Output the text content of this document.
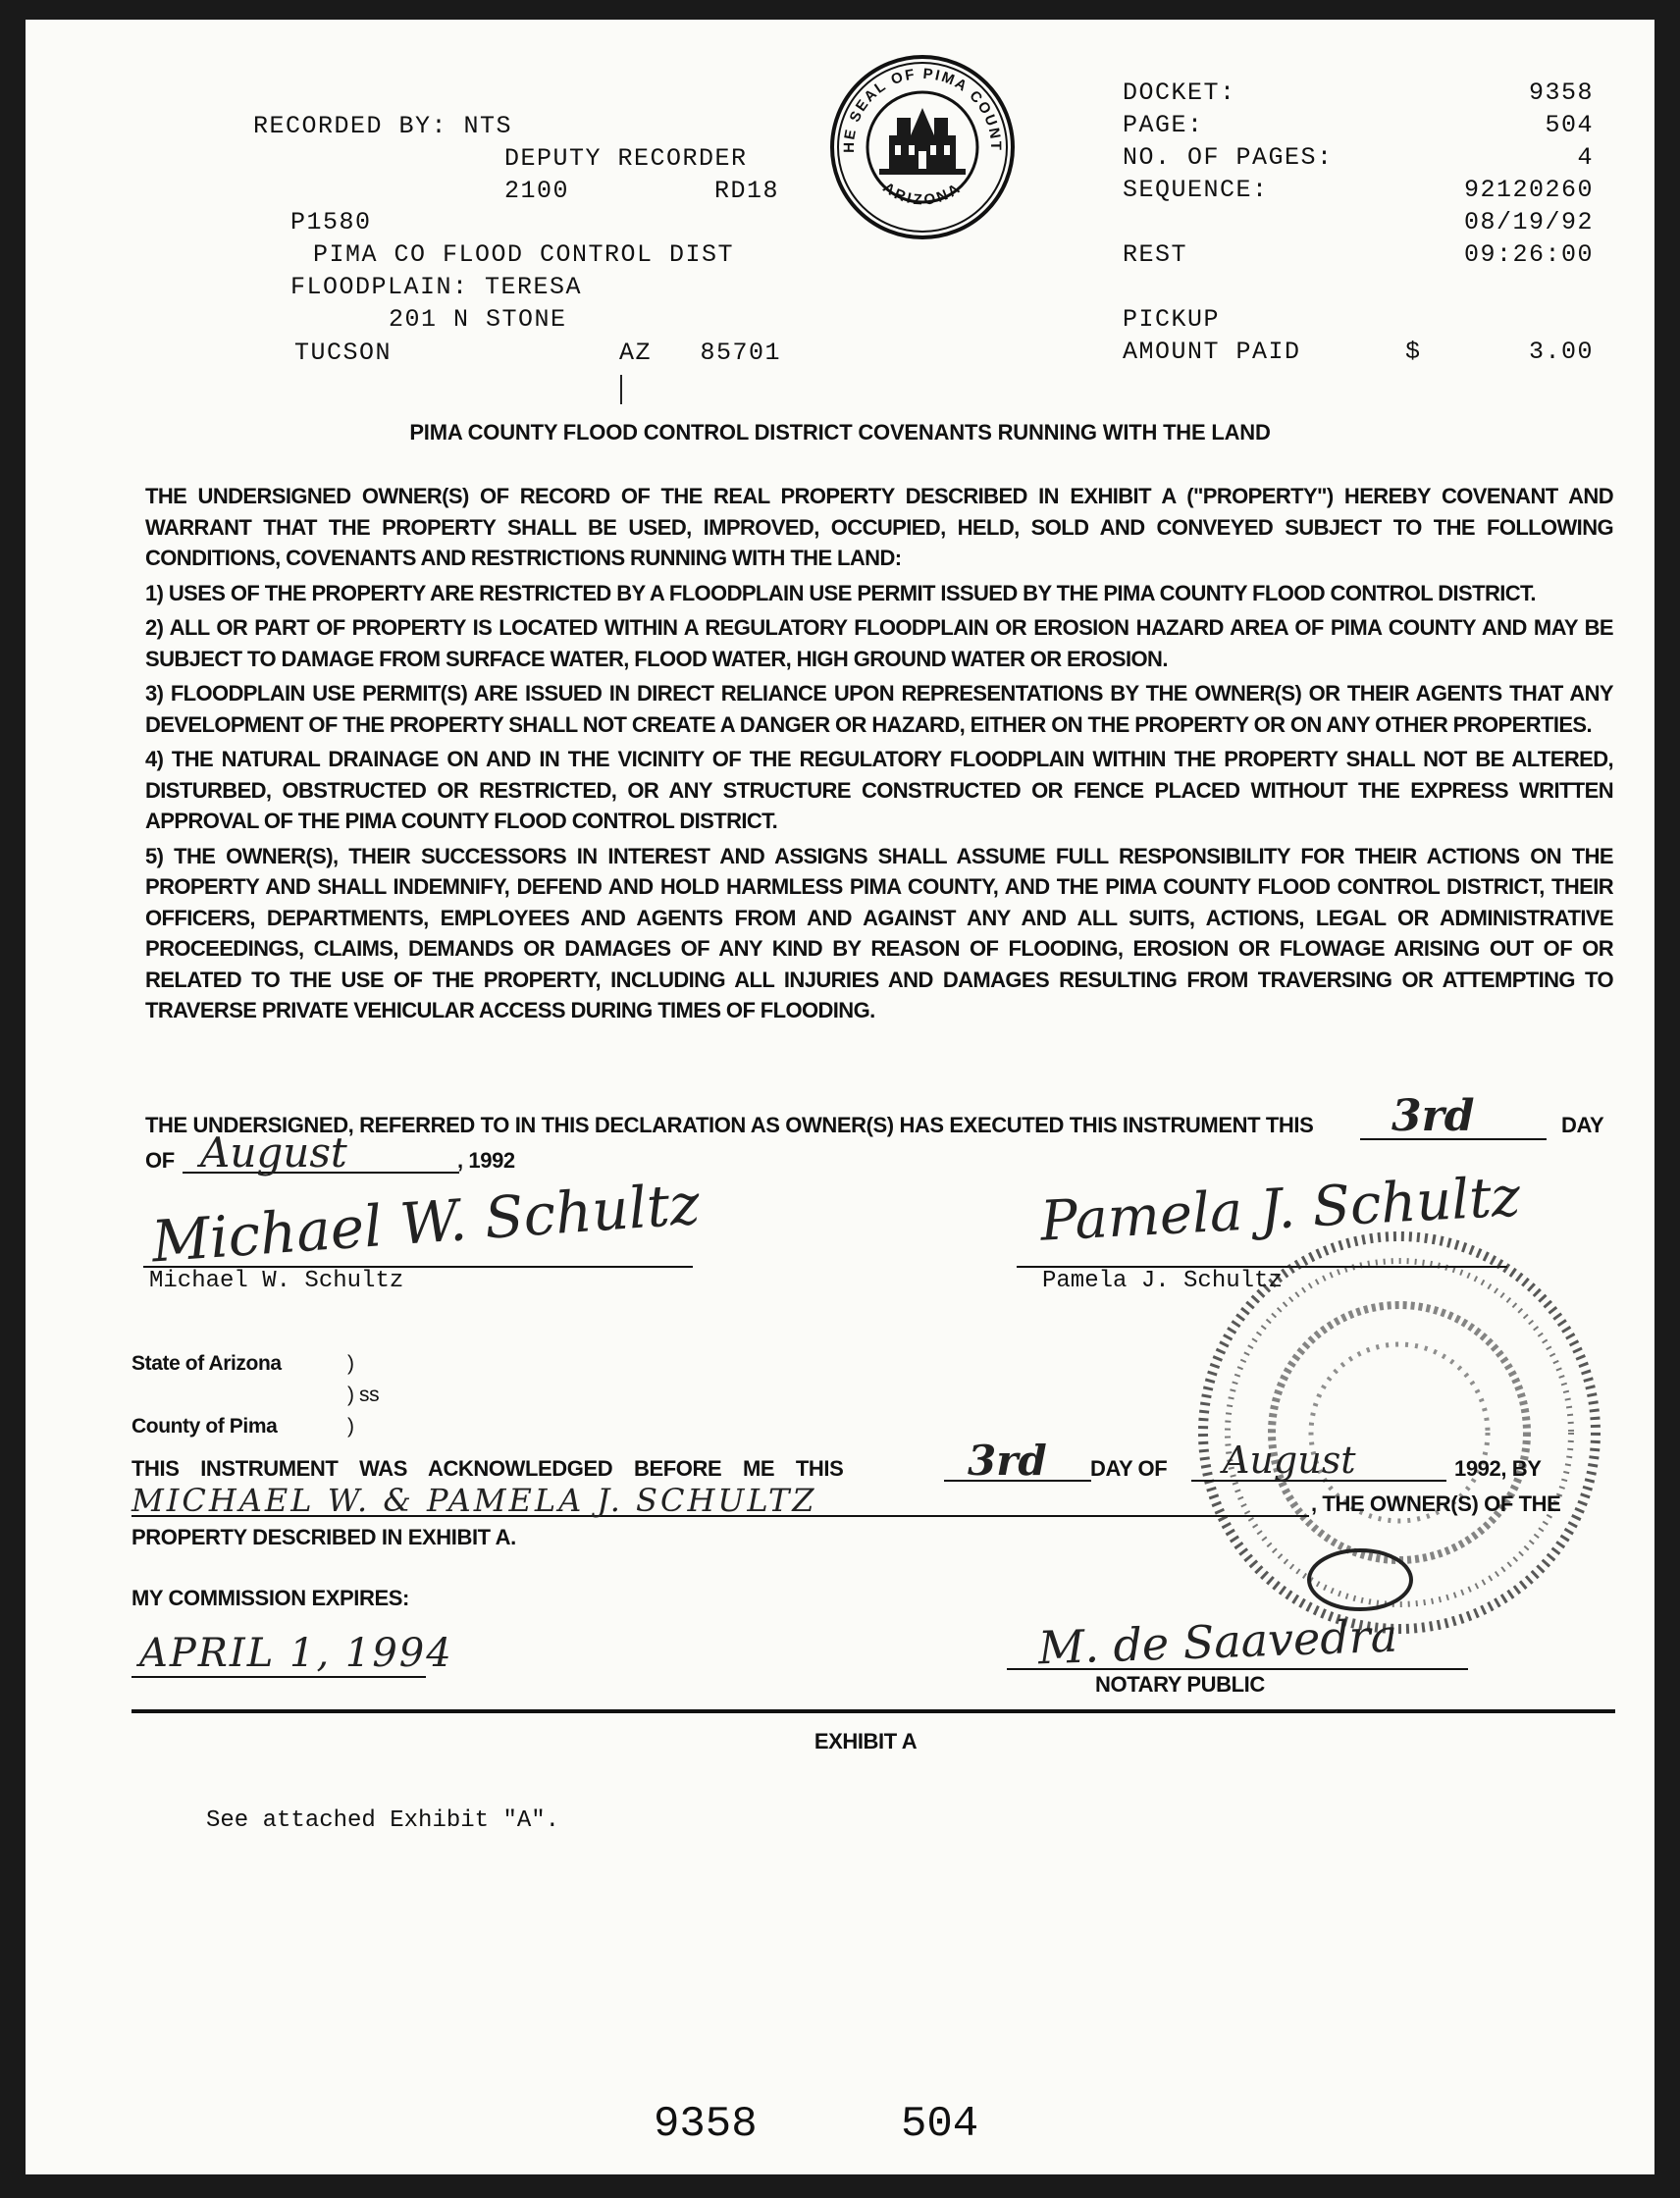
RECORDED BY: NTS
DEPUTY RECORDER
2100	RD18
P1580
PIMA CO FLOOD CONTROL DIST
FLOODPLAIN: TERESA
201 N STONE
TUCSON	AZ   85701
HE SEAL OF PIMA COUNT
ARIZONA
DOCKET:	9358
PAGE:	504
NO. OF PAGES:	4
SEQUENCE:	92120260
08/19/92
REST	09:26:00
PICKUP
AMOUNT PAID	$	3.00
PIMA COUNTY FLOOD CONTROL DISTRICT COVENANTS RUNNING WITH THE LAND
THE UNDERSIGNED OWNER(S) OF RECORD OF THE REAL PROPERTY DESCRIBED IN EXHIBIT A ("PROPERTY") HEREBY COVENANT AND WARRANT THAT THE PROPERTY SHALL BE USED, IMPROVED, OCCUPIED, HELD, SOLD AND CONVEYED SUBJECT TO THE FOLLOWING CONDITIONS, COVENANTS AND RESTRICTIONS RUNNING WITH THE LAND:
1) USES OF THE PROPERTY ARE RESTRICTED BY A FLOODPLAIN USE PERMIT ISSUED BY THE PIMA COUNTY FLOOD CONTROL DISTRICT.
2) ALL OR PART OF PROPERTY IS LOCATED WITHIN A REGULATORY FLOODPLAIN OR EROSION HAZARD AREA OF PIMA COUNTY AND MAY BE SUBJECT TO DAMAGE FROM SURFACE WATER, FLOOD WATER, HIGH GROUND WATER OR EROSION.
3) FLOODPLAIN USE PERMIT(S) ARE ISSUED IN DIRECT RELIANCE UPON REPRESENTATIONS BY THE OWNER(S) OR THEIR AGENTS THAT ANY DEVELOPMENT OF THE PROPERTY SHALL NOT CREATE A DANGER OR HAZARD, EITHER ON THE PROPERTY OR ON ANY OTHER PROPERTIES.
4) THE NATURAL DRAINAGE ON AND IN THE VICINITY OF THE REGULATORY FLOODPLAIN WITHIN THE PROPERTY SHALL NOT BE ALTERED, DISTURBED, OBSTRUCTED OR RESTRICTED, OR ANY STRUCTURE CONSTRUCTED OR FENCE PLACED WITHOUT THE EXPRESS WRITTEN APPROVAL OF THE PIMA COUNTY FLOOD CONTROL DISTRICT.
5) THE OWNER(S), THEIR SUCCESSORS IN INTEREST AND ASSIGNS SHALL ASSUME FULL RESPONSIBILITY FOR THEIR ACTIONS ON THE PROPERTY AND SHALL INDEMNIFY, DEFEND AND HOLD HARMLESS PIMA COUNTY, AND THE PIMA COUNTY FLOOD CONTROL DISTRICT, THEIR OFFICERS, DEPARTMENTS, EMPLOYEES AND AGENTS FROM AND AGAINST ANY AND ALL SUITS, ACTIONS, LEGAL OR ADMINISTRATIVE PROCEEDINGS, CLAIMS, DEMANDS OR DAMAGES OF ANY KIND BY REASON OF FLOODING, EROSION OR FLOWAGE ARISING OUT OF OR RELATED TO THE USE OF THE PROPERTY, INCLUDING ALL INJURIES AND DAMAGES RESULTING FROM TRAVERSING OR ATTEMPTING TO TRAVERSE PRIVATE VEHICULAR ACCESS DURING TIMES OF FLOODING.
THE UNDERSIGNED, REFERRED TO IN THIS DECLARATION AS OWNER(S) HAS EXECUTED THIS INSTRUMENT THIS 3rd	DAY
OF August	, 1992
Michael W. Schultz
Michael W. Schultz
Pamela J. Schultz
Pamela J. Schultz
State of Arizona	)
) ss
County of Pima	)
THIS INSTRUMENT WAS ACKNOWLEDGED BEFORE ME THIS	3rd DAY OF August	1992, BY
MICHAEL W. & PAMELA J. SCHULTZ	, THE OWNER(S) OF THE
PROPERTY DESCRIBED IN EXHIBIT A.
MY COMMISSION EXPIRES:
APRIL 1, 1994	M. de Saavedra
NOTARY PUBLIC
EXHIBIT A
See attached Exhibit "A".
9358	504
